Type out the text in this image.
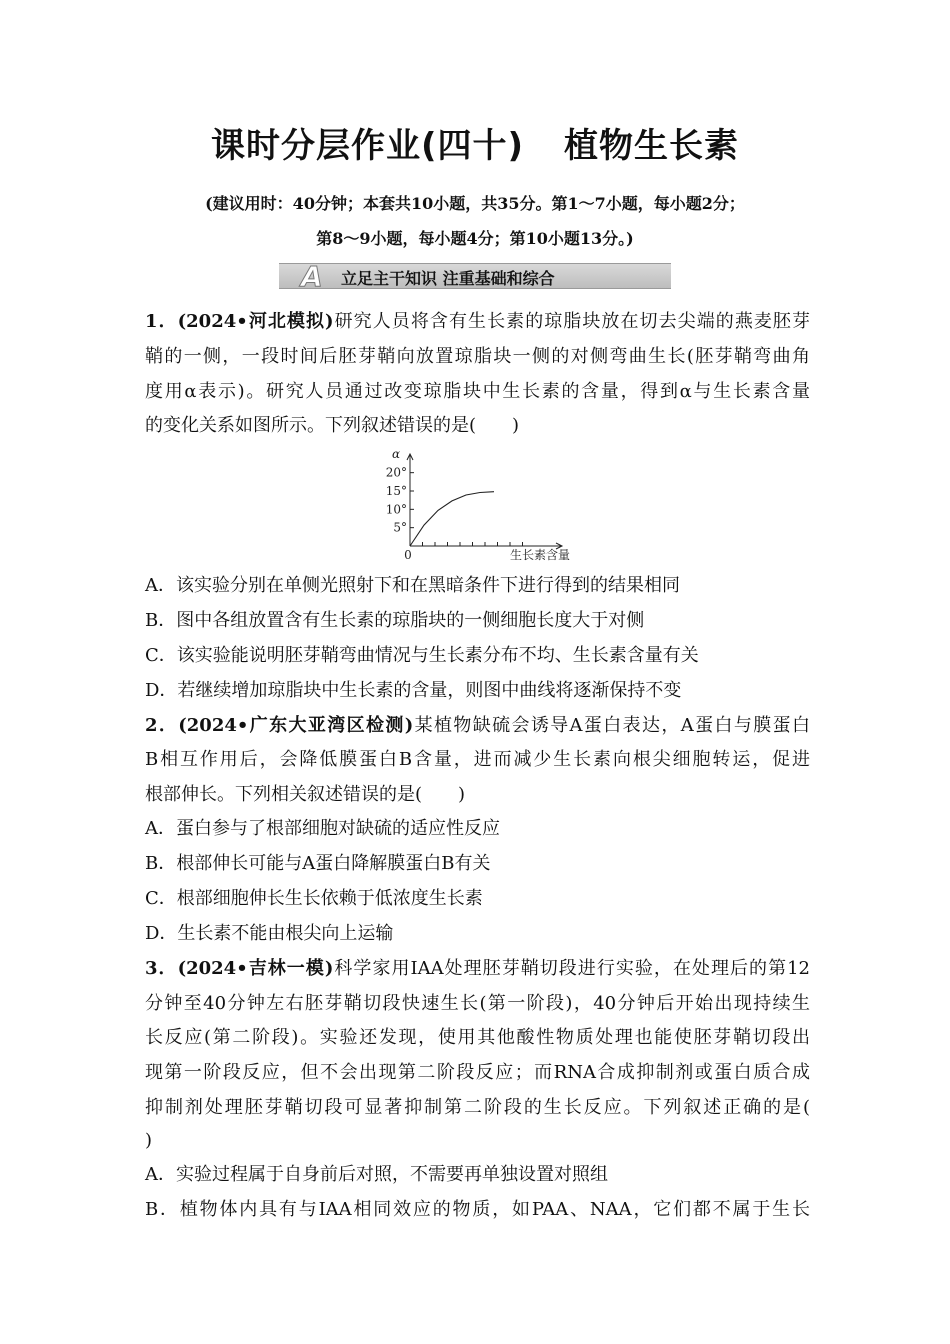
课时分层作业(四十) 植物生长素
(建议用时：40分钟；本套共10小题，共35分。第1～7小题，每小题2分；
第8～9小题，每小题4分；第10小题13分。)
A 立足主干知识 注重基础和综合
1．(2024•河北模拟)研究人员将含有生长素的琼脂块放在切去尖端的燕麦胚芽
鞘的一侧，一段时间后胚芽鞘向放置琼脂块一侧的对侧弯曲生长(胚芽鞘弯曲角
度用α表示)。研究人员通过改变琼脂块中生长素的含量，得到α与生长素含量
的变化关系如图所示。下列叙述错误的是(　　)
5°
10°
15°
20°
α
0	生长素含量
A．该实验分别在单侧光照射下和在黑暗条件下进行得到的结果相同
B．图中各组放置含有生长素的琼脂块的一侧细胞长度大于对侧
C．该实验能说明胚芽鞘弯曲情况与生长素分布不均、生长素含量有关
D．若继续增加琼脂块中生长素的含量，则图中曲线将逐渐保持不变
2．(2024•广东大亚湾区检测)某植物缺硫会诱导A蛋白表达，A蛋白与膜蛋白
B相互作用后，会降低膜蛋白B含量，进而减少生长素向根尖细胞转运，促进
根部伸长。下列相关叙述错误的是(　　)
A．蛋白参与了根部细胞对缺硫的适应性反应
B．根部伸长可能与A蛋白降解膜蛋白B有关
C．根部细胞伸长生长依赖于低浓度生长素
D．生长素不能由根尖向上运输
3．(2024•吉林一模)科学家用IAA处理胚芽鞘切段进行实验，在处理后的第12
分钟至40分钟左右胚芽鞘切段快速生长(第一阶段)，40分钟后开始出现持续生
长反应(第二阶段)。实验还发现，使用其他酸性物质处理也能使胚芽鞘切段出
现第一阶段反应，但不会出现第二阶段反应；而RNA合成抑制剂或蛋白质合成
抑制剂处理胚芽鞘切段可显著抑制第二阶段的生长反应。下列叙述正确的是(
)
A．实验过程属于自身前后对照，不需要再单独设置对照组
B．植物体内具有与IAA相同效应的物质，如PAA、NAA，它们都不属于生长
